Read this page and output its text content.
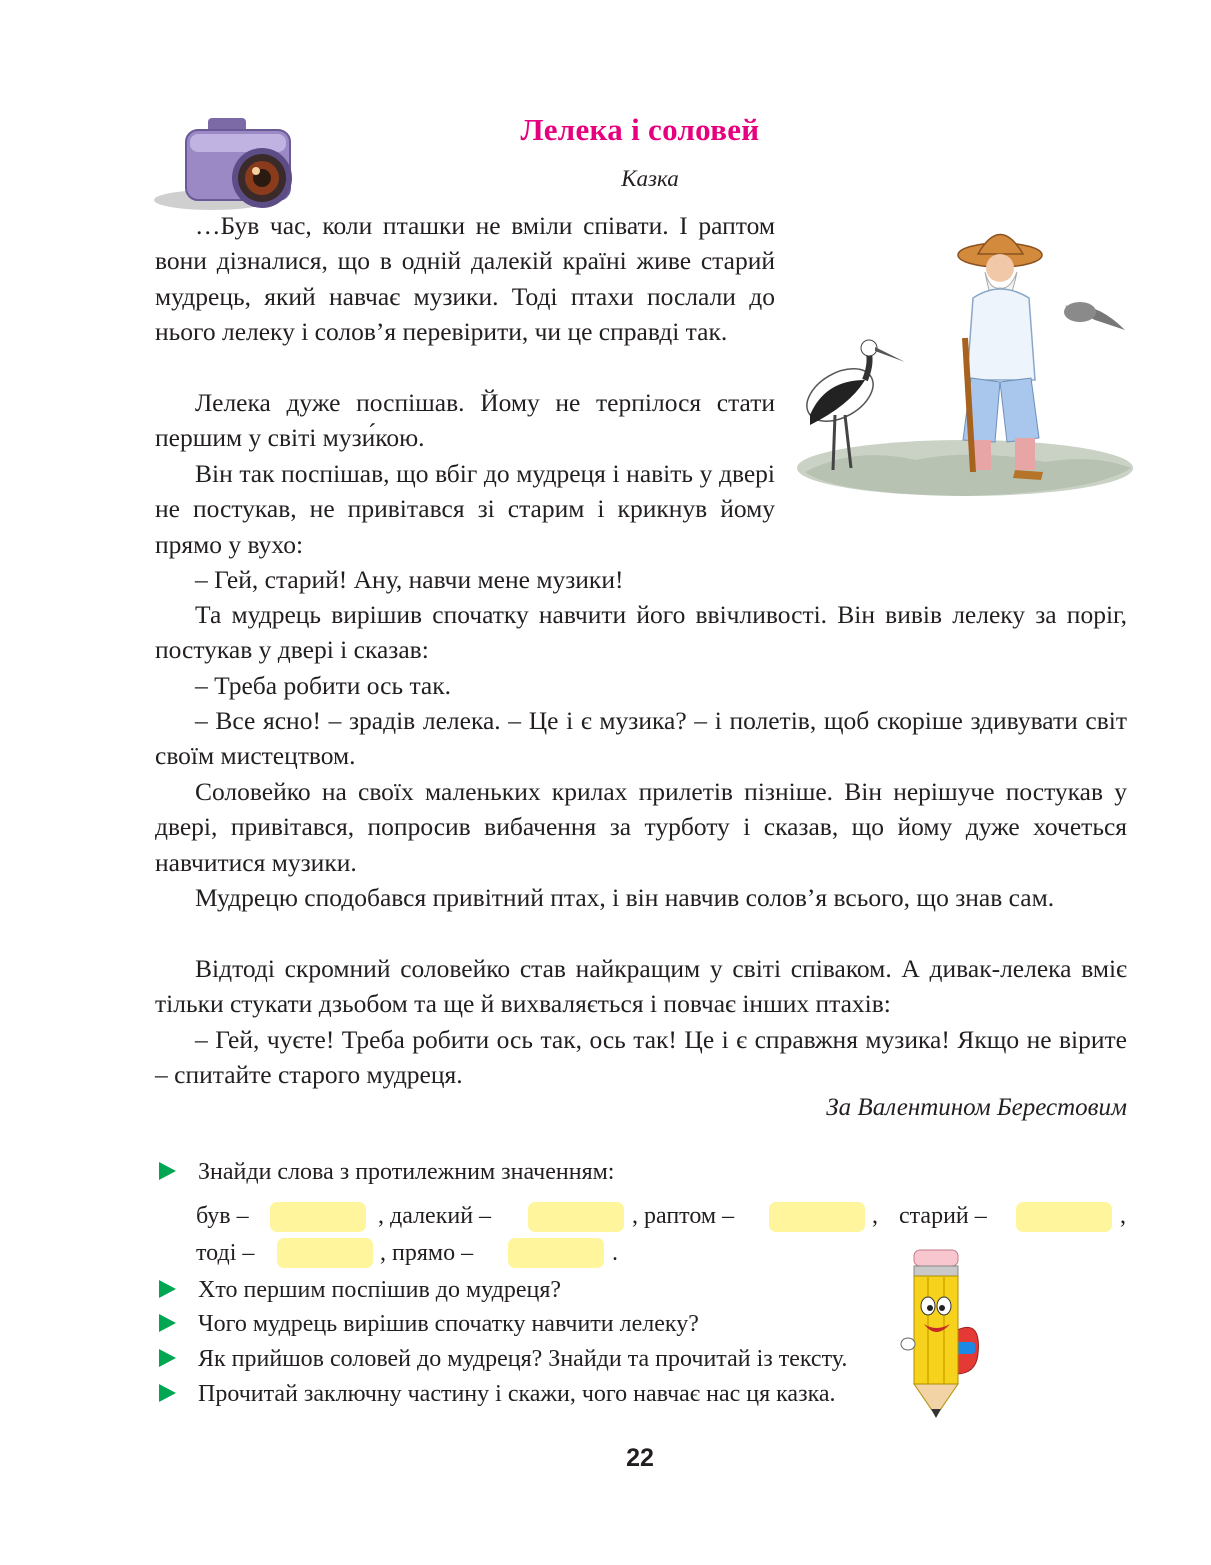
Лелека і соловей
Казка

…Був час, коли пташки не вміли співати. І раптом вони дізналися, що в одній далекій країні живе старий мудрець, який навчає музики. Тоді птахи послали до нього лелеку і солов’я перевірити, чи це справді так.

Лелека дуже поспішав. Йому не терпілося стати першим у світі музи́кою.

Він так поспішав, що вбіг до мудреця і навіть у двері не постукав, не привітався зі старим і крикнув йому прямо у вухо:

– Гей, старий! Ану, навчи мене музики!

Та мудрець вирішив спочатку навчити його ввічливості. Він вивів лелеку за поріг, постукав у двері і сказав:

– Треба робити ось так.

– Все ясно! – зрадів лелека. – Це і є музика? – і полетів, щоб скоріше здивувати світ своїм мистецтвом.

Соловейко на своїх маленьких крилах прилетів пізніше. Він нерішуче постукав у двері, привітався, попросив вибачення за турботу і сказав, що йому дуже хочеться навчитися музики.

Мудрецю сподобався привітний птах, і він навчив солов’я всього, що знав сам.

Відтоді скромний соловейко став найкращим у світі співаком. А дивак-лелека вміє тільки стукати дзьобом та ще й вихваляється і повчає інших птахів:

– Гей, чуєте! Треба робити ось так, ось так! Це і є справжня музика! Якщо не вірите – спитайте старого мудреця.

За Валентином Берестовим
Знайди слова з протилежним значенням:
був –	, далекий –	, раптом –	, старий –	,
тоді –	, прямо –	.
Хто першим поспішив до мудреця?
Чого мудрець вирішив спочатку навчити лелеку?
Як прийшов соловей до мудреця? Знайди та прочитай із тексту.
Прочитай заключну частину і скажи, чого навчає нас ця казка.
22
